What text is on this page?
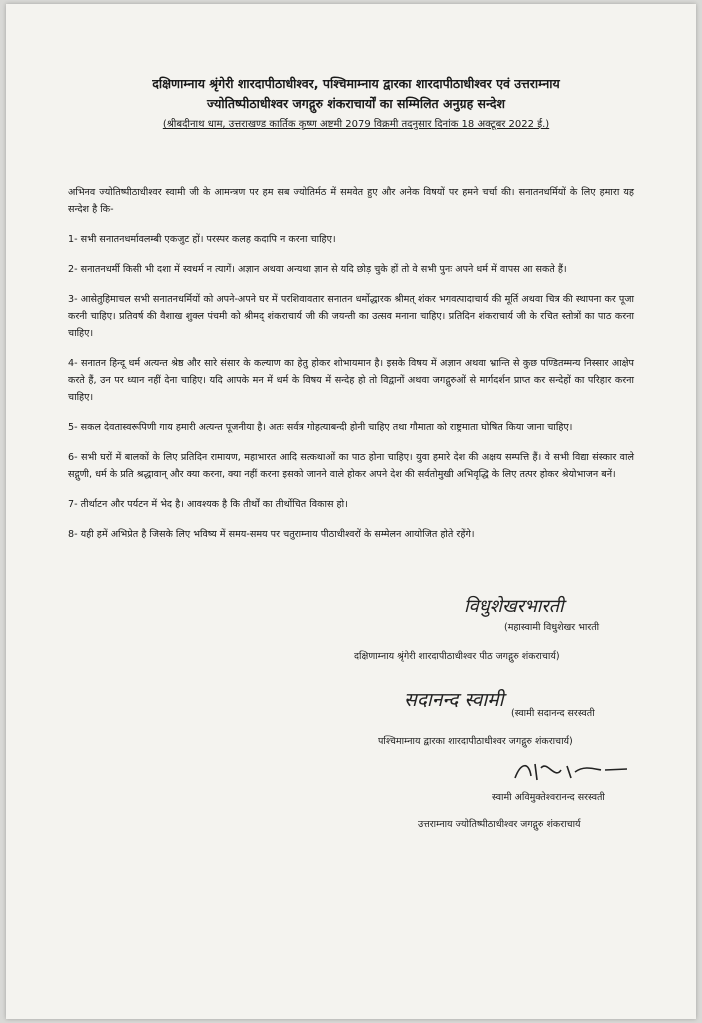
दक्षिणाम्नाय श्रृंगेरी शारदापीठाधीश्वर, पश्चिमाम्नाय द्वारका शारदापीठाधीश्वर एवं उत्तराम्नाय
ज्योतिष्पीठाधीश्वर जगद्गुरु शंकराचार्यों का सम्मिलित अनुग्रह सन्देश
(श्रीबदीनाथ धाम, उत्तराखण्ड कार्तिक कृष्ण अष्टमी 2079 विक्रमी तदनुसार दिनांक 18 अक्टूबर 2022 ई.)

अभिनव ज्योतिष्पीठाधीश्वर स्वामी जी के आमन्त्रण पर हम सब ज्योतिर्मठ में समवेत हुए और अनेक विषयों पर हमने चर्चा की। सनातनधर्मियों के लिए हमारा यह सन्देश है कि-

1- सभी सनातनधर्मावलम्बी एकजुट हों। परस्पर कलह कदापि न करना चाहिए।

2- सनातनधर्मी किसी भी दशा में स्वधर्म न त्यागें। अज्ञान अथवा अन्यथा ज्ञान से यदि छोड़ चुके हों तो वे सभी पुनः अपने धर्म में वापस आ सकते हैं।

3- आसेतुहिमाचल सभी सनातनधर्मियों को अपने-अपने घर में परशिवावतार सनातन धर्मोद्धारक श्रीमत् शंकर भगवत्पादाचार्य की मूर्ति अथवा चित्र की स्थापना कर पूजा करनी चाहिए। प्रतिवर्ष की वैशाख शुक्ल पंचमी को श्रीमद् शंकराचार्य जी की जयन्ती का उत्सव मनाना चाहिए। प्रतिदिन शंकराचार्य जी के रचित स्तोत्रों का पाठ करना चाहिए।

4- सनातन हिन्दू धर्म अत्यन्त श्रेष्ठ और सारे संसार के कल्याण का हेतु होकर शोभायमान है। इसके विषय में अज्ञान अथवा भ्रान्ति से कुछ पण्डितम्मन्य निस्सार आक्षेप करते हैं, उन पर ध्यान नहीं देना चाहिए। यदि आपके मन में धर्म के विषय में सन्देह हो तो विद्वानों अथवा जगद्गुरुओं से मार्गदर्शन प्राप्त कर सन्देहों का परिहार करना चाहिए।

5- सकल देवतास्वरूपिणी गाय हमारी अत्यन्त पूजनीया है। अतः सर्वत्र गोहत्याबन्दी होनी चाहिए तथा गौमाता को राष्ट्रमाता घोषित किया जाना चाहिए।

6- सभी घरों में बालकों के लिए प्रतिदिन रामायण, महाभारत आदि सत्कथाओं का पाठ होना चाहिए। युवा हमारे देश की अक्षय सम्पत्ति हैं। वे सभी विद्या संस्कार वाले सद्गुणी, धर्म के प्रति श्रद्धावान् और क्या करना, क्या नहीं करना इसको जानने वाले होकर अपने देश की सर्वतोमुखी अभिवृद्धि के लिए तत्पर होकर श्रेयोभाजन बनें।

7- तीर्थाटन और पर्यटन में भेद है। आवश्यक है कि तीर्थों का तीर्थोचित विकास हो।

8- यही हमें अभिप्रेत है जिसके लिए भविष्य में समय-समय पर चतुराम्नाय पीठाधीश्वरों के सम्मेलन आयोजित होते रहेंगे।

विधुशेखरभारती
(महास्वामी विधुशेखर भारती
दक्षिणाम्नाय श्रृंगेरी शारदापीठाधीश्वर पीठ जगद्गुरु शंकराचार्य)
सदानन्द स्वामी
(स्वामी सदानन्द सरस्वती
पश्चिमाम्नाय द्वारका शारदापीठाधीश्वर जगद्गुरु शंकराचार्य)
स्वामी अविमुक्तेश्वरानन्द सरस्वती
उत्तराम्नाय ज्योतिष्पीठाधीश्वर जगद्गुरु शंकराचार्य
